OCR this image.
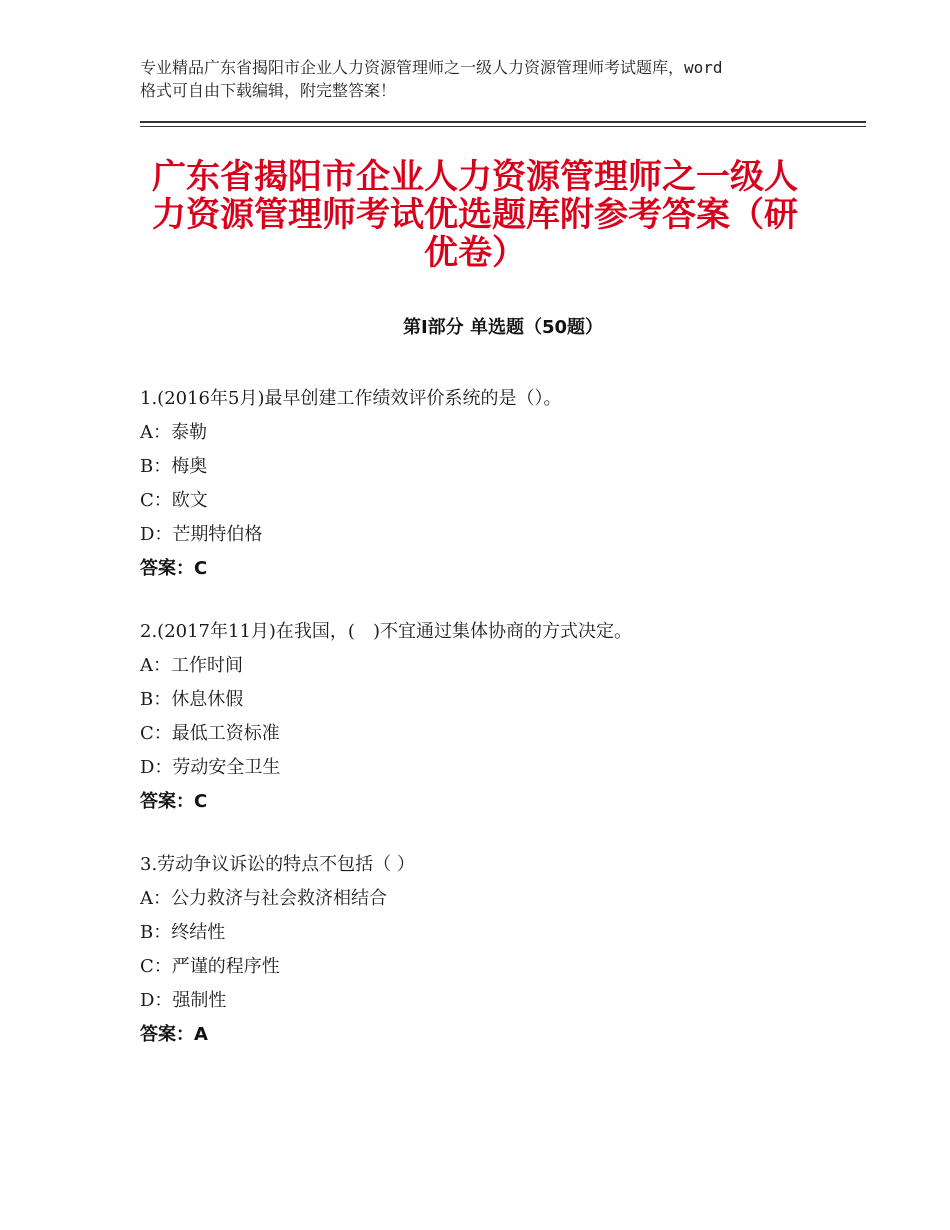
专业精品广东省揭阳市企业人力资源管理师之一级人力资源管理师考试题库，word
格式可自由下载编辑，附完整答案！
广东省揭阳市企业人力资源管理师之一级人
力资源管理师考试优选题库附参考答案（研
优卷）
第Ⅰ部分 单选题（50题）
1.(2016年5月)最早创建工作绩效评价系统的是（）。
A：泰勒
B：梅奥
C：欧文
D：芒期特伯格
答案：C
2.(2017年11月)在我国，(　)不宜通过集体协商的方式决定。
A：工作时间
B：休息休假
C：最低工资标准
D：劳动安全卫生
答案：C
3.劳动争议诉讼的特点不包括（ ）
A：公力救济与社会救济相结合
B：终结性
C：严谨的程序性
D：强制性
答案：A
